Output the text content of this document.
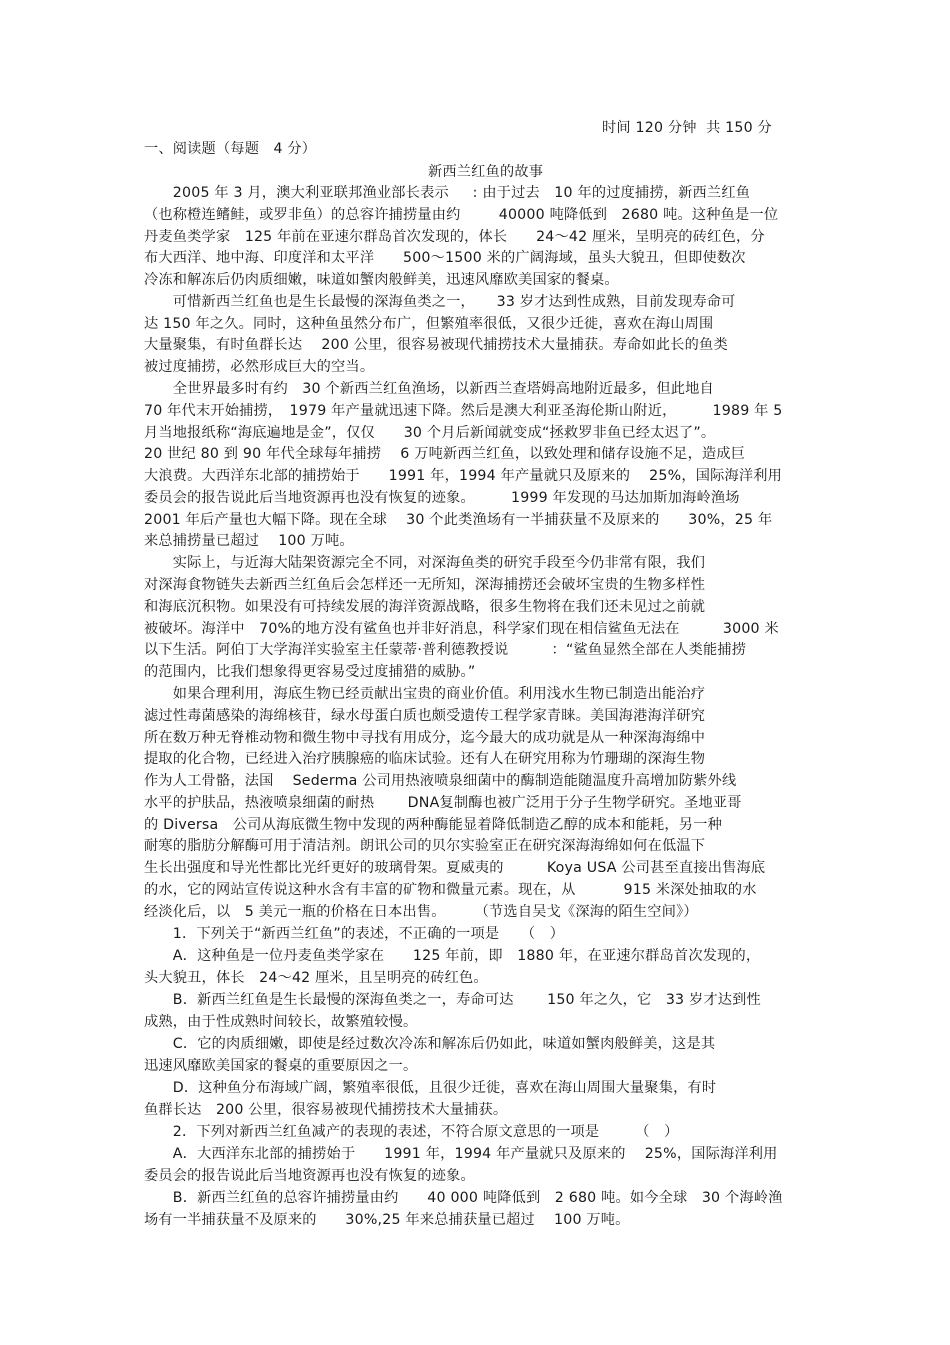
时间 120 分钟  共 150 分
一、阅读题（每题　4 分）
新西兰红鱼的故事
　　2005 年 3 月，澳大利亚联邦渔业部长表示　  : 由于过去　10 年的过度捕捞，新西兰红鱼
（也称橙连鳍鲑，或罗非鱼）的总容许捕捞量由约　　  40000 吨降低到　2680 吨。这种鱼是一位
丹麦鱼类学家　125 年前在亚速尔群岛首次发现的，体长　　24～42 厘米，呈明亮的砖红色，分
布大西洋、地中海、印度洋和太平洋　　500～1500 米的广阔海域，虽头大貌丑，但即使数次
冷冻和解冻后仍肉质细嫩，味道如蟹肉般鲜美，迅速风靡欧美国家的餐桌。
　　可惜新西兰红鱼也是生长最慢的深海鱼类之一，　　33 岁才达到性成熟，目前发现寿命可
达 150 年之久。同时，这种鱼虽然分布广，但繁殖率很低，又很少迁徙，喜欢在海山周围
大量聚集，有时鱼群长达　 200 公里，很容易被现代捕捞技术大量捕获。寿命如此长的鱼类
被过度捕捞，必然形成巨大的空当。
　　全世界最多时有约　30 个新西兰红鱼渔场，以新西兰查塔姆高地附近最多，但此地自
70 年代末开始捕捞，　1979 年产量就迅速下降。然后是澳大利亚圣海伦斯山附近，　　　1989 年 5
月当地报纸称“海底遍地是金”，仅仅　　30 个月后新闻就变成“拯救罗非鱼已经太迟了”。
20 世纪 80 到 90 年代全球每年捕捞　 6 万吨新西兰红鱼，以致处理和储存设施不足，造成巨
大浪费。大西洋东北部的捕捞始于　　1991 年，1994 年产量就只及原来的　 25%，国际海洋利用
委员会的报告说此后当地资源再也没有恢复的迹象。　　　1999 年发现的马达加斯加海岭渔场
2001 年后产量也大幅下降。现在全球　 30 个此类渔场有一半捕获量不及原来的　　30%，25 年
来总捕捞量已超过　 100 万吨。
　　实际上，与近海大陆架资源完全不同，对深海鱼类的研究手段至今仍非常有限，我们
对深海食物链失去新西兰红鱼后会怎样还一无所知，深海捕捞还会破坏宝贵的生物多样性
和海底沉积物。如果没有可持续发展的海洋资源战略，很多生物将在我们还未见过之前就
被破坏。海洋中　70%的地方没有鲨鱼也并非好消息，科学家们现在相信鲨鱼无法在　　　3000 米
以下生活。阿伯丁大学海洋实验室主任蒙蒂·普利德教授说　　　：“鲨鱼显然全部在人类能捕捞
的范围内，比我们想象得更容易受过度捕猎的威胁。”
　　如果合理利用，海底生物已经贡献出宝贵的商业价值。利用浅水生物已制造出能治疗
滤过性毒菌感染的海绵核苷，绿水母蛋白质也颇受遗传工程学家青睐。美国海港海洋研究
所在数万种无脊椎动物和微生物中寻找有用成分，迄今最大的成功就是从一种深海海绵中
提取的化合物，已经进入治疗胰腺癌的临床试验。还有人在研究用称为竹珊瑚的深海生物
作为人工骨骼，法国　 Sederma 公司用热液喷泉细菌中的酶制造能随温度升高增加防紫外线
水平的护肤品，热液喷泉细菌的耐热　　 DNA复制酶也被广泛用于分子生物学研究。圣地亚哥
的 Diversa　公司从海底微生物中发现的两种酶能显着降低制造乙醇的成本和能耗，另一种
耐寒的脂肪分解酶可用于清洁剂。朗讯公司的贝尔实验室正在研究深海海绵如何在低温下
生长出强度和导光性都比光纤更好的玻璃骨架。夏威夷的　　　Koya USA 公司甚至直接出售海底
的水，它的网站宣传说这种水含有丰富的矿物和微量元素。现在，从　　　 915 米深处抽取的水
经淡化后，以　5 美元一瓶的价格在日本出售。　　　（节选自吴戈《深海的陌生空间》）
　　1．下列关于“新西兰红鱼”的表述，不正确的一项是　　（　）
　　A．这种鱼是一位丹麦鱼类学家在　　125 年前，即　1880 年，在亚速尔群岛首次发现的，
头大貌丑，体长　24～42 厘米，且呈明亮的砖红色。
　　B．新西兰红鱼是生长最慢的深海鱼类之一，寿命可达　　 150 年之久，它　33 岁才达到性
成熟，由于性成熟时间较长，故繁殖较慢。
　　C．它的肉质细嫩，即使是经过数次冷冻和解冻后仍如此，味道如蟹肉般鲜美，这是其
迅速风靡欧美国家的餐桌的重要原因之一。
　　D．这种鱼分布海域广阔，繁殖率很低，且很少迁徙，喜欢在海山周围大量聚集，有时
鱼群长达　200 公里，很容易被现代捕捞技术大量捕获。
　　2．下列对新西兰红鱼减产的表现的表述，不符合原文意思的一项是　　　（　）
　　A．大西洋东北部的捕捞始于　　1991 年，1994 年产量就只及原来的　 25%，国际海洋利用
委员会的报告说此后当地资源再也没有恢复的迹象。
　　B．新西兰红鱼的总容许捕捞量由约　　40 000 吨降低到　2 680 吨。如今全球　30 个海岭渔
场有一半捕获量不及原来的　　30%,25 年来总捕获量已超过　 100 万吨。
